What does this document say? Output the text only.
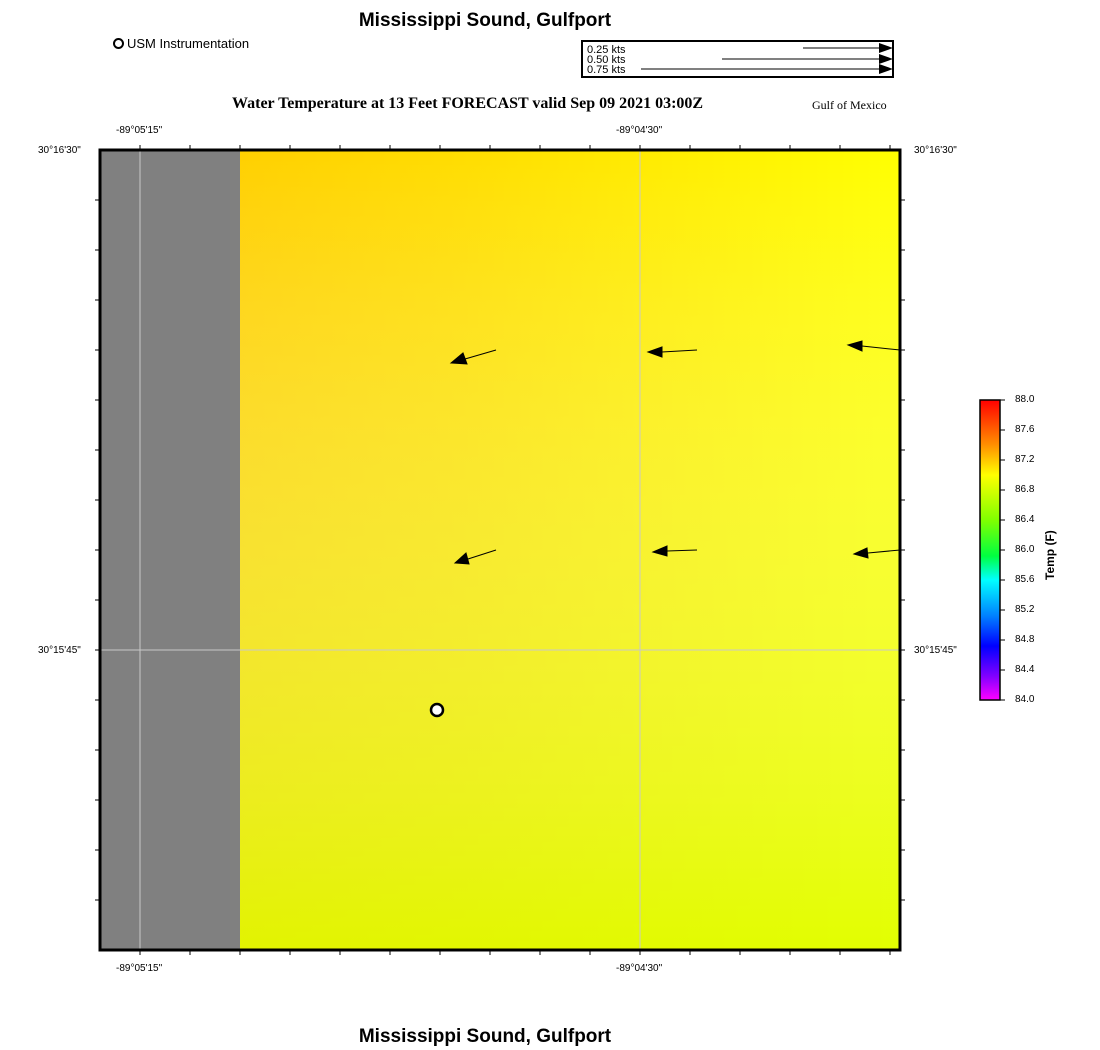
Mississippi Sound, Gulfport
USM Instrumentation	0.25 kts
0.50 kts
0.75 kts
Water Temperature at 13 Feet FORECAST valid Sep 09 2021 03:00Z	Gulf of Mexico
-89°05'15"	-89°04'30"
-89°05'15"	-89°04'30"
30°16'30"
30°15'45"
30°16'30"
30°15'45"
88.0
87.6
87.2
86.8
86.4
86.0
85.6
85.2
84.8
84.4
84.0
Temp (F)
Mississippi Sound, Gulfport
